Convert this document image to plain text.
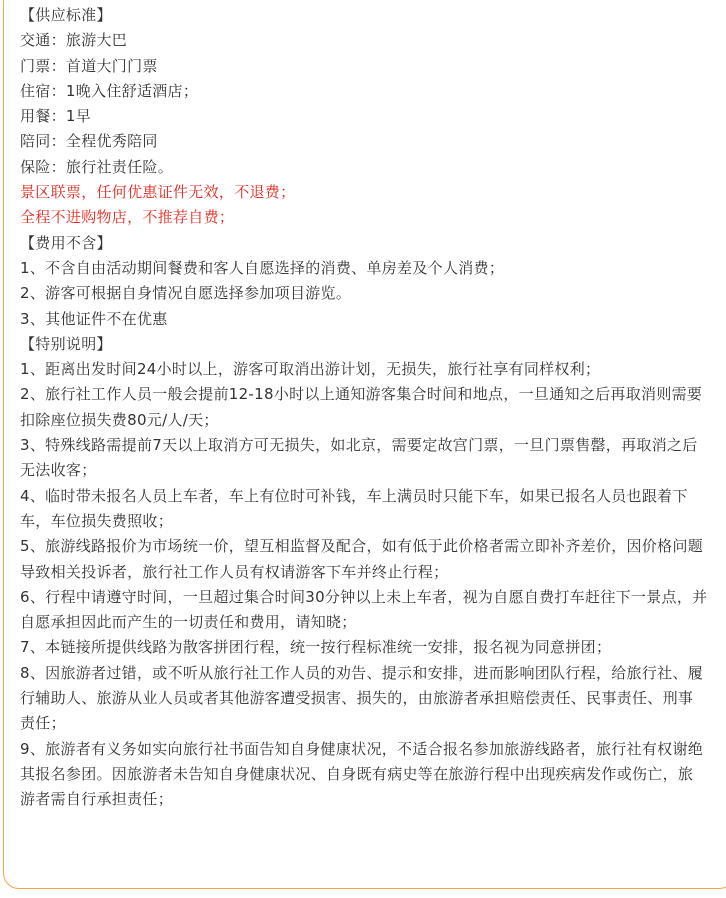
【供应标准】

交通：旅游大巴

门票：首道大门门票

住宿：1晚入住舒适酒店；

用餐：1早

陪同：全程优秀陪同

保险：旅行社责任险。

景区联票，任何优惠证件无效，不退费；

全程不进购物店，不推荐自费；

【费用不含】

1、不含自由活动期间餐费和客人自愿选择的消费、单房差及个人消费；

2、游客可根据自身情况自愿选择参加项目游览。

3、其他证件不在优惠

【特别说明】

1、距离出发时间24小时以上，游客可取消出游计划，无损失，旅行社享有同样权利；

2、旅行社工作人员一般会提前12-18小时以上通知游客集合时间和地点，一旦通知之后再取消则需要扣除座位损失费80元/人/天；

3、特殊线路需提前7天以上取消方可无损失，如北京，需要定故宫门票，一旦门票售罄，再取消之后无法收客；

4、临时带未报名人员上车者，车上有位时可补钱，车上满员时只能下车，如果已报名人员也跟着下车，车位损失费照收；

5、旅游线路报价为市场统一价，望互相监督及配合，如有低于此价格者需立即补齐差价，因价格问题导致相关投诉者，旅行社工作人员有权请游客下车并终止行程；

6、行程中请遵守时间，一旦超过集合时间30分钟以上未上车者，视为自愿自费打车赶往下一景点，并自愿承担因此而产生的一切责任和费用，请知晓；

7、本链接所提供线路为散客拼团行程，统一按行程标准统一安排，报名视为同意拼团；

8、因旅游者过错，或不听从旅行社工作人员的劝告、提示和安排，进而影响团队行程，给旅行社、履行辅助人、旅游从业人员或者其他游客遭受损害、损失的，由旅游者承担赔偿责任、民事责任、刑事责任；

9、旅游者有义务如实向旅行社书面告知自身健康状况，不适合报名参加旅游线路者，旅行社有权谢绝其报名参团。因旅游者未告知自身健康状况、自身既有病史等在旅游行程中出现疾病发作或伤亡，旅游者需自行承担责任；
